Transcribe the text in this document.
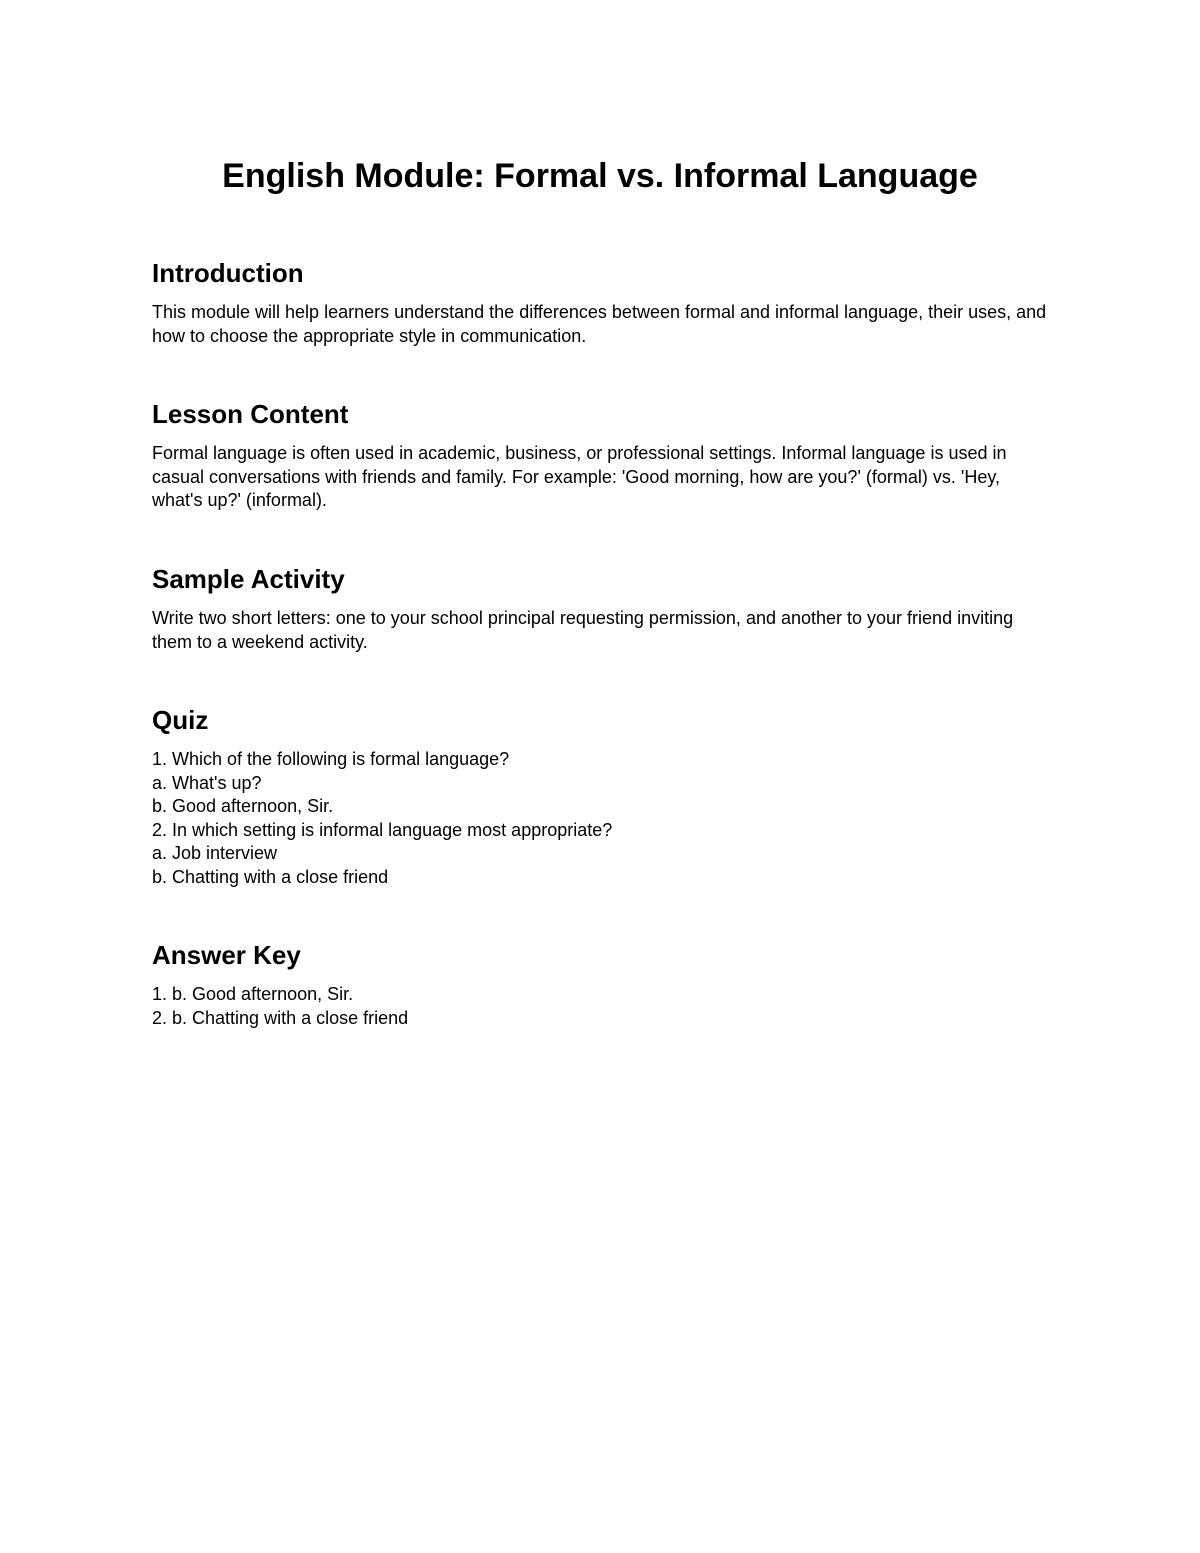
English Module: Formal vs. Informal Language
Introduction

This module will help learners understand the differences between formal and informal language, their uses, and how to choose the appropriate style in communication.

Lesson Content

Formal language is often used in academic, business, or professional settings. Informal language is used in casual conversations with friends and family. For example: 'Good morning, how are you?' (formal) vs. 'Hey, what's up?' (informal).

Sample Activity

Write two short letters: one to your school principal requesting permission, and another to your friend inviting them to a weekend activity.

Quiz
1. Which of the following is formal language?
a. What's up?
b. Good afternoon, Sir.
2. In which setting is informal language most appropriate?
a. Job interview
b. Chatting with a close friend
Answer Key
1. b. Good afternoon, Sir.
2. b. Chatting with a close friend
